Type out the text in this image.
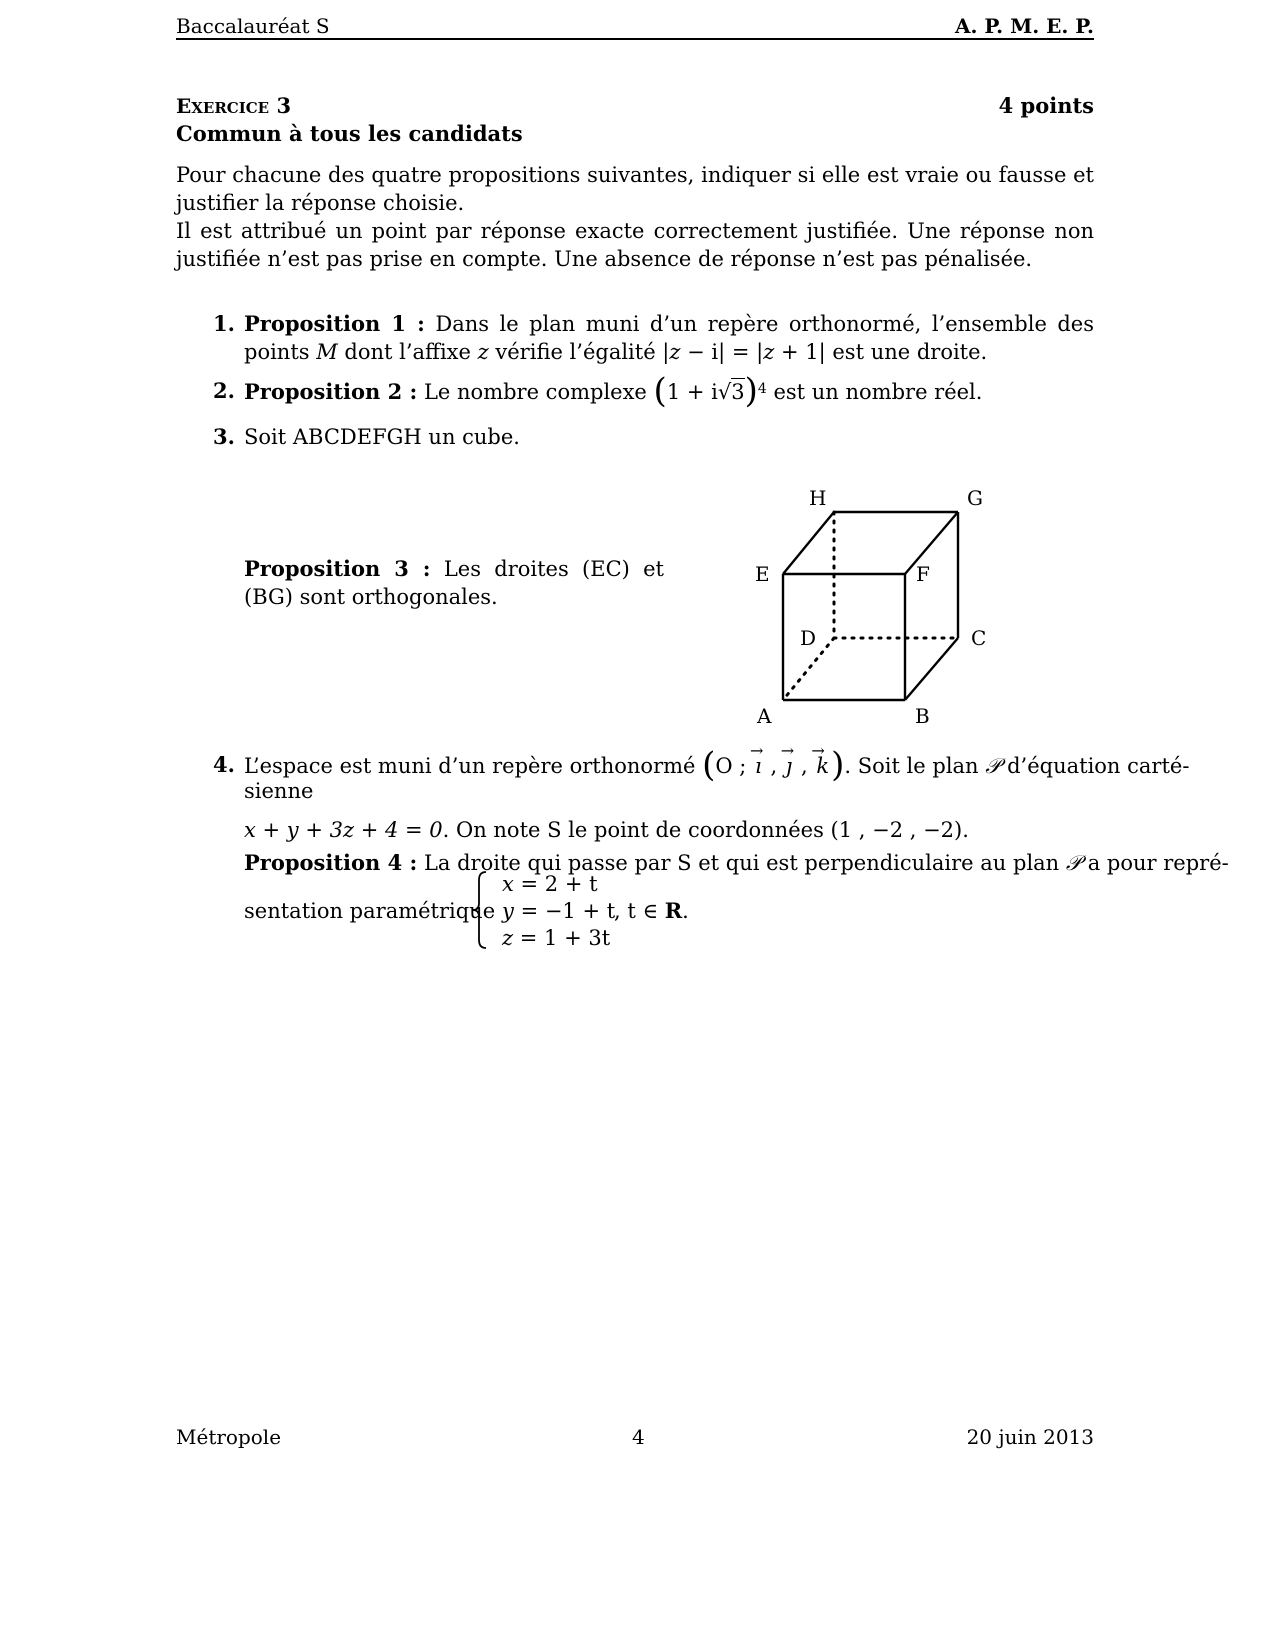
Baccalauréat S	A. P. M. E. P.
EXERCICE 3	4 points
Commun à tous les candidats
Pour chacune des quatre propositions suivantes, indiquer si elle est vraie ou fausse et justifier la réponse choisie.
Il est attribué un point par réponse exacte correctement justifiée. Une réponse non justifiée n’est pas prise en compte. Une absence de réponse n’est pas pénalisée.
1. Proposition 1 : Dans le plan muni d’un repère orthonormé, l’ensemble des points M dont l’affixe z vérifie l’égalité |z − i| = |z + 1| est une droite.
2. Proposition 2 : Le nombre complexe $(1 + i√3)^4$ est un nombre réel.
3. Soit ABCDEFGH un cube.
Proposition 3 : Les droites (EC) et (BG) sont orthogonales.
H	G
E	F
D	C
A	B
4. L’espace est muni d’un repère orthonormé (O ;
→
ı ,
→
ȷ ,
→
k). Soit le plan 𝒫 d’équation carté-
x + y + 3z + 4 = 0. On note S le point de coordonnées (1 , −2 , −2).
Proposition 4 : La droite qui passe par S et qui est perpendiculaire au plan 𝒫 a pour repré-
sentation paramétrique
x = 2 + t
y = −1 + t
z = 1 + 3t
, t ∈ R.
Métropole	4	20 juin 2013
sienne
